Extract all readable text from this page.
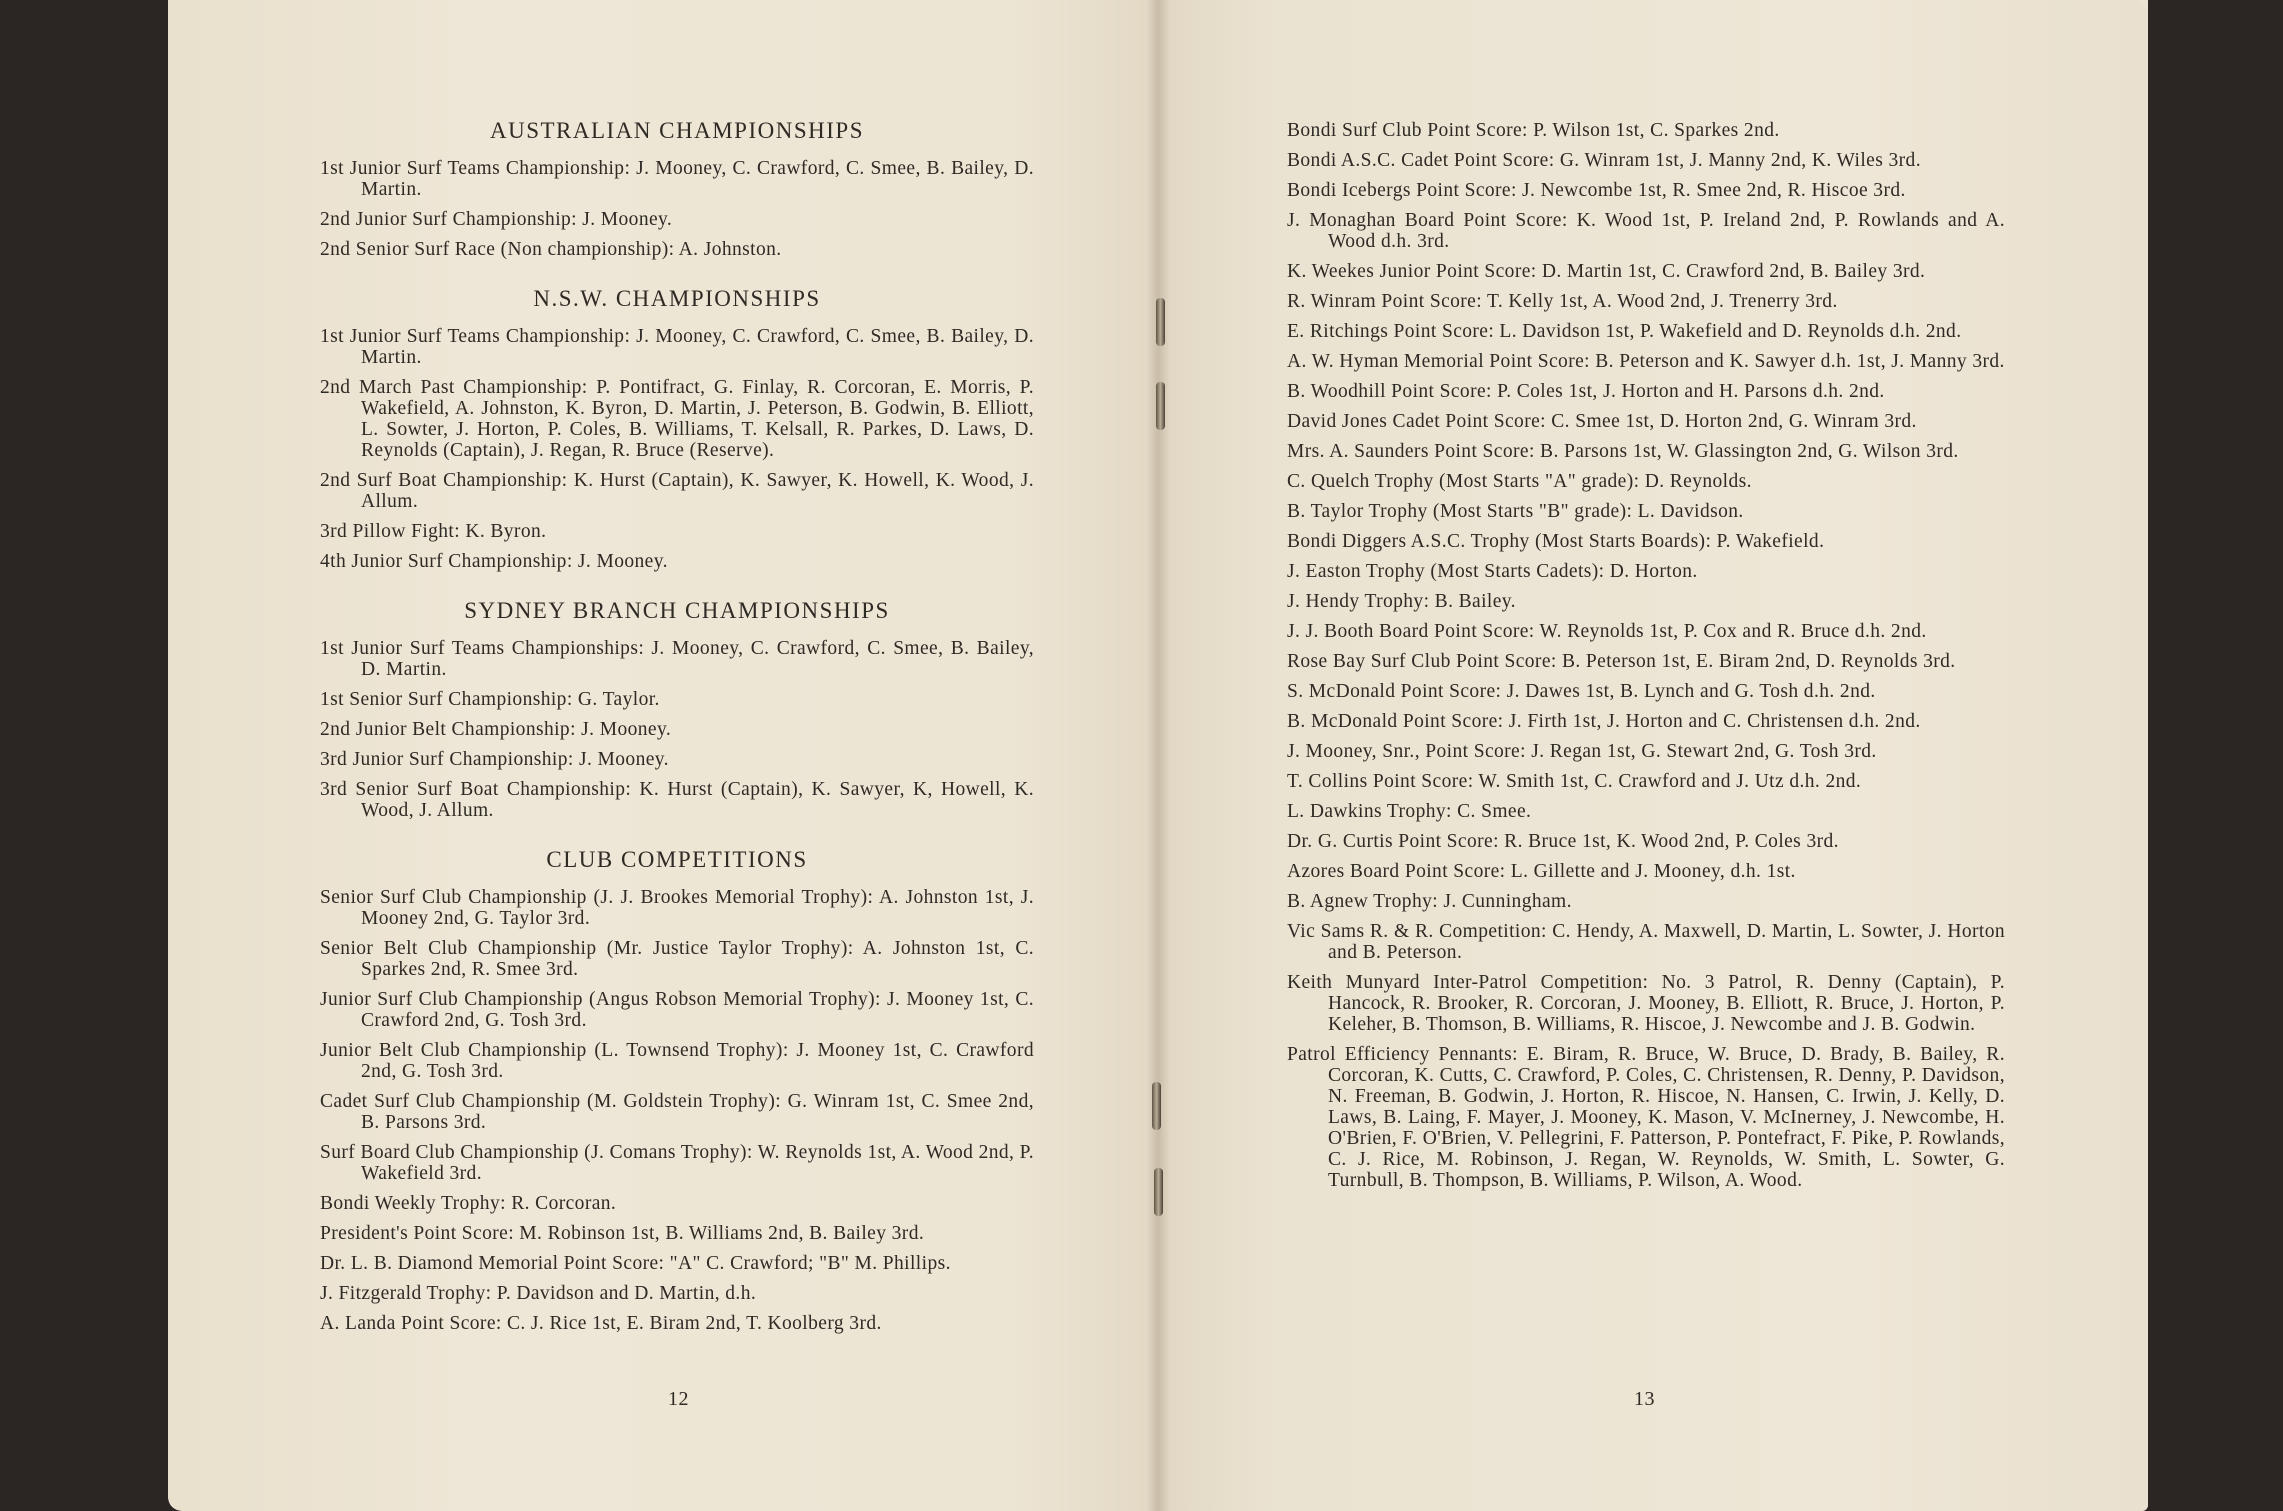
AUSTRALIAN CHAMPIONSHIPS

1st Junior Surf Teams Championship: J. Mooney, C. Crawford, C. Smee, B. Bailey, D. Martin.

2nd Junior Surf Championship: J. Mooney.

2nd Senior Surf Race (Non championship): A. Johnston.

N.S.W. CHAMPIONSHIPS

1st Junior Surf Teams Championship: J. Mooney, C. Crawford, C. Smee, B. Bailey, D. Martin.

2nd March Past Championship: P. Pontifract, G. Finlay, R. Corcoran, E. Morris, P. Wakefield, A. Johnston, K. Byron, D. Martin, J. Peterson, B. Godwin, B. Elliott, L. Sowter, J. Horton, P. Coles, B. Williams, T. Kelsall, R. Parkes, D. Laws, D. Reynolds (Captain), J. Regan, R. Bruce (Reserve).

2nd Surf Boat Championship: K. Hurst (Captain), K. Sawyer, K. Howell, K. Wood, J. Allum.

3rd Pillow Fight: K. Byron.

4th Junior Surf Championship: J. Mooney.

SYDNEY BRANCH CHAMPIONSHIPS

1st Junior Surf Teams Championships: J. Mooney, C. Crawford, C. Smee, B. Bailey, D. Martin.

1st Senior Surf Championship: G. Taylor.

2nd Junior Belt Championship: J. Mooney.

3rd Junior Surf Championship: J. Mooney.

3rd Senior Surf Boat Championship: K. Hurst (Captain), K. Sawyer, K, Howell, K. Wood, J. Allum.

CLUB COMPETITIONS

Senior Surf Club Championship (J. J. Brookes Memorial Trophy): A. Johnston 1st, J. Mooney 2nd, G. Taylor 3rd.

Senior Belt Club Championship (Mr. Justice Taylor Trophy): A. Johnston 1st, C. Sparkes 2nd, R. Smee 3rd.

Junior Surf Club Championship (Angus Robson Memorial Trophy): J. Mooney 1st, C. Crawford 2nd, G. Tosh 3rd.

Junior Belt Club Championship (L. Townsend Trophy): J. Mooney 1st, C. Crawford 2nd, G. Tosh 3rd.

Cadet Surf Club Championship (M. Goldstein Trophy): G. Winram 1st, C. Smee 2nd, B. Parsons 3rd.

Surf Board Club Championship (J. Comans Trophy): W. Reynolds 1st, A. Wood 2nd, P. Wakefield 3rd.

Bondi Weekly Trophy: R. Corcoran.

President's Point Score: M. Robinson 1st, B. Williams 2nd, B. Bailey 3rd.

Dr. L. B. Diamond Memorial Point Score: "A" C. Crawford; "B" M. Phillips.

J. Fitzgerald Trophy: P. Davidson and D. Martin, d.h.

A. Landa Point Score: C. J. Rice 1st, E. Biram 2nd, T. Koolberg 3rd.

12

Bondi Surf Club Point Score: P. Wilson 1st, C. Sparkes 2nd.

Bondi A.S.C. Cadet Point Score: G. Winram 1st, J. Manny 2nd, K. Wiles 3rd.

Bondi Icebergs Point Score: J. Newcombe 1st, R. Smee 2nd, R. Hiscoe 3rd.

J. Monaghan Board Point Score: K. Wood 1st, P. Ireland 2nd, P. Rowlands and A. Wood d.h. 3rd.

K. Weekes Junior Point Score: D. Martin 1st, C. Crawford 2nd, B. Bailey 3rd.

R. Winram Point Score: T. Kelly 1st, A. Wood 2nd, J. Trenerry 3rd.

E. Ritchings Point Score: L. Davidson 1st, P. Wakefield and D. Reynolds d.h. 2nd.

A. W. Hyman Memorial Point Score: B. Peterson and K. Sawyer d.h. 1st, J. Manny 3rd.

B. Woodhill Point Score: P. Coles 1st, J. Horton and H. Parsons d.h. 2nd.

David Jones Cadet Point Score: C. Smee 1st, D. Horton 2nd, G. Winram 3rd.

Mrs. A. Saunders Point Score: B. Parsons 1st, W. Glassington 2nd, G. Wilson 3rd.

C. Quelch Trophy (Most Starts "A" grade): D. Reynolds.

B. Taylor Trophy (Most Starts "B" grade): L. Davidson.

Bondi Diggers A.S.C. Trophy (Most Starts Boards): P. Wakefield.

J. Easton Trophy (Most Starts Cadets): D. Horton.

J. Hendy Trophy: B. Bailey.

J. J. Booth Board Point Score: W. Reynolds 1st, P. Cox and R. Bruce d.h. 2nd.

Rose Bay Surf Club Point Score: B. Peterson 1st, E. Biram 2nd, D. Reynolds 3rd.

S. McDonald Point Score: J. Dawes 1st, B. Lynch and G. Tosh d.h. 2nd.

B. McDonald Point Score: J. Firth 1st, J. Horton and C. Christensen d.h. 2nd.

J. Mooney, Snr., Point Score: J. Regan 1st, G. Stewart 2nd, G. Tosh 3rd.

T. Collins Point Score: W. Smith 1st, C. Crawford and J. Utz d.h. 2nd.

L. Dawkins Trophy: C. Smee.

Dr. G. Curtis Point Score: R. Bruce 1st, K. Wood 2nd, P. Coles 3rd.

Azores Board Point Score: L. Gillette and J. Mooney, d.h. 1st.

B. Agnew Trophy: J. Cunningham.

Vic Sams R. & R. Competition: C. Hendy, A. Maxwell, D. Martin, L. Sowter, J. Horton and B. Peterson.

Keith Munyard Inter-Patrol Competition: No. 3 Patrol, R. Denny (Captain), P. Hancock, R. Brooker, R. Corcoran, J. Mooney, B. Elliott, R. Bruce, J. Horton, P. Keleher, B. Thomson, B. Williams, R. Hiscoe, J. Newcombe and J. B. Godwin.

Patrol Efficiency Pennants: E. Biram, R. Bruce, W. Bruce, D. Brady, B. Bailey, R. Corcoran, K. Cutts, C. Crawford, P. Coles, C. Christensen, R. Denny, P. Davidson, N. Freeman, B. Godwin, J. Horton, R. Hiscoe, N. Hansen, C. Irwin, J. Kelly, D. Laws, B. Laing, F. Mayer, J. Mooney, K. Mason, V. McInerney, J. Newcombe, H. O'Brien, F. O'Brien, V. Pellegrini, F. Patterson, P. Pontefract, F. Pike, P. Rowlands, C. J. Rice, M. Robinson, J. Regan, W. Reynolds, W. Smith, L. Sowter, G. Turnbull, B. Thompson, B. Williams, P. Wilson, A. Wood.

13
